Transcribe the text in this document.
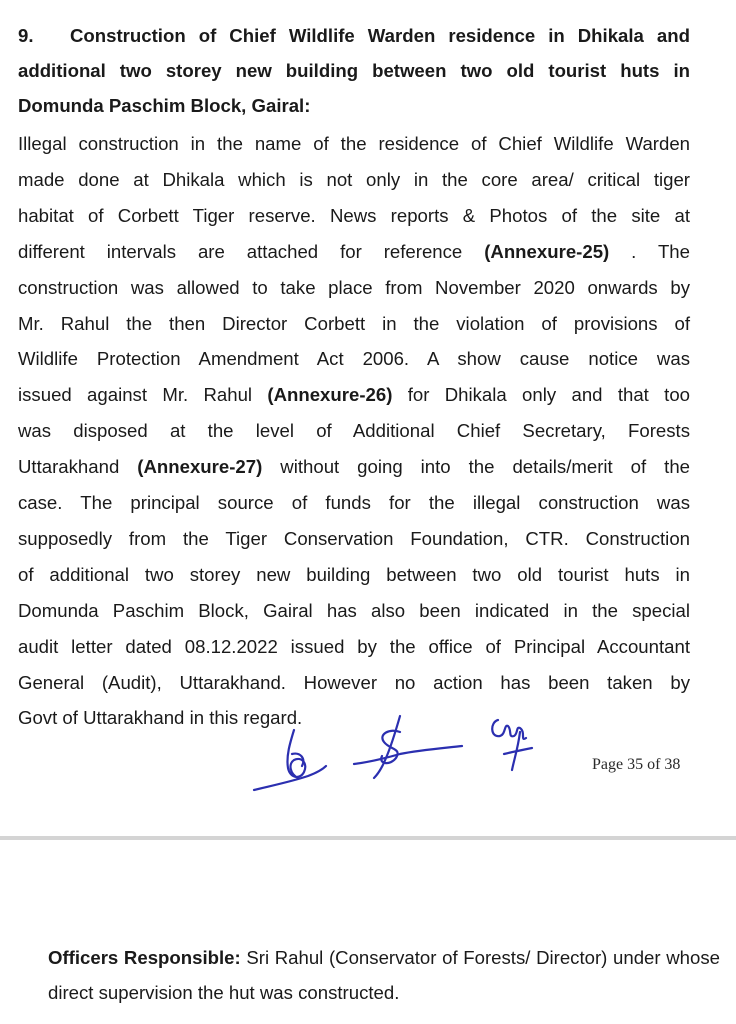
9. Construction of Chief Wildlife Warden residence in Dhikala and additional two storey new building between two old tourist huts in Domunda Paschim Block, Gairal:
Illegal construction in the name of the residence of Chief Wildlife Warden
made done at Dhikala which is not only in the core area/ critical tiger
habitat of Corbett Tiger reserve. News reports & Photos of the site at
different intervals are attached for reference (Annexure-25) . The
construction was allowed to take place from November 2020 onwards by
Mr. Rahul the then Director Corbett in the violation of provisions of
Wildlife Protection Amendment Act 2006. A show cause notice was
issued against Mr. Rahul (Annexure-26) for Dhikala only and that too
was disposed at the level of Additional Chief Secretary, Forests
Uttarakhand (Annexure-27) without going into the details/merit of the
case. The principal source of funds for the illegal construction was
supposedly from the Tiger Conservation Foundation, CTR. Construction
of additional two storey new building between two old tourist huts in
Domunda Paschim Block, Gairal has also been indicated in the special
audit letter dated 08.12.2022 issued by the office of Principal Accountant
General (Audit), Uttarakhand. However no action has been taken by
Govt of Uttarakhand in this regard.
Page 35 of 38
Officers Responsible: Sri Rahul (Conservator of Forests/ Director) under whose direct supervision the hut was constructed.
